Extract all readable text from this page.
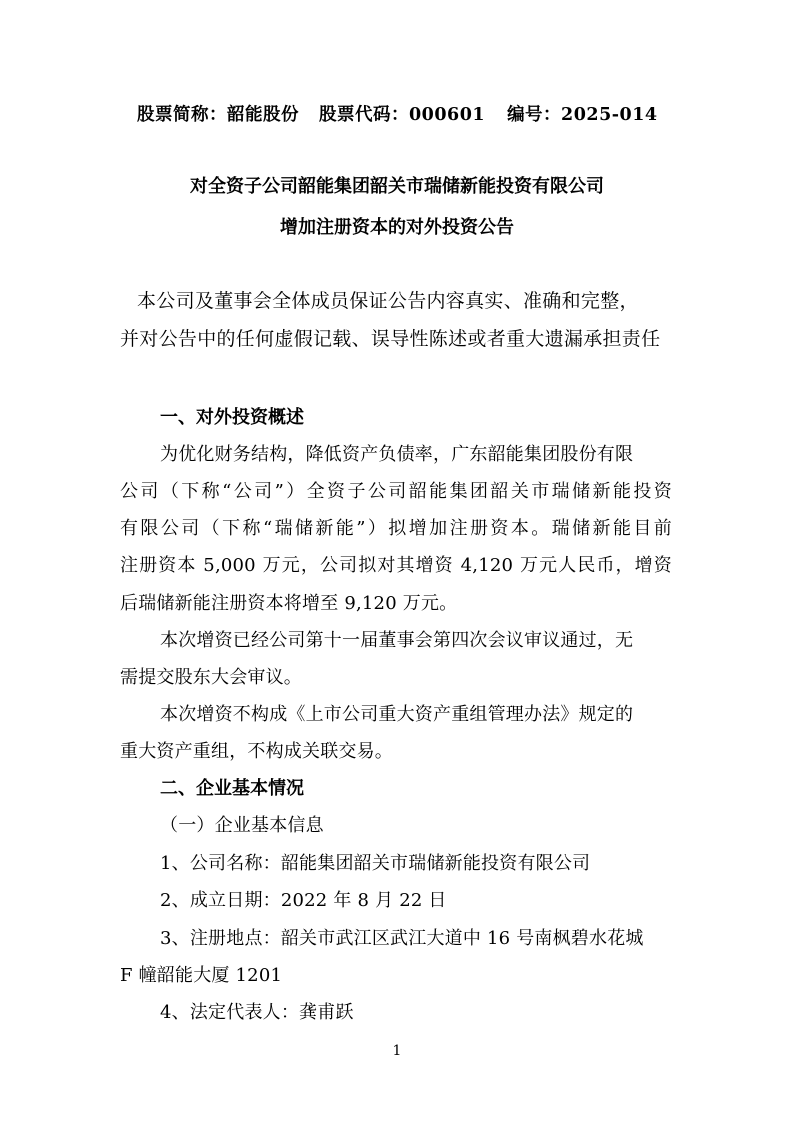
股票简称：韶能股份 股票代码：000601 编号：2025-014
对全资子公司韶能集团韶关市瑞储新能投资有限公司
增加注册资本的对外投资公告
本公司及董事会全体成员保证公告内容真实、准确和完整，
并对公告中的任何虚假记载、误导性陈述或者重大遗漏承担责任
一、对外投资概述
为优化财务结构，降低资产负债率，广东韶能集团股份有限
公司（下称“公司”）全资子公司韶能集团韶关市瑞储新能投资
有限公司（下称“瑞储新能”）拟增加注册资本。瑞储新能目前
注册资本 5,000 万元，公司拟对其增资 4,120 万元人民币，增资
后瑞储新能注册资本将增至 9,120 万元。
本次增资已经公司第十一届董事会第四次会议审议通过，无
需提交股东大会审议。
本次增资不构成《上市公司重大资产重组管理办法》规定的
重大资产重组，不构成关联交易。
二、企业基本情况
（一）企业基本信息
1、公司名称：韶能集团韶关市瑞储新能投资有限公司
2、成立日期：2022 年 8 月 22 日
3、注册地点：韶关市武江区武江大道中 16 号南枫碧水花城
F 幢韶能大厦 1201
4、法定代表人：龚甫跃
1
